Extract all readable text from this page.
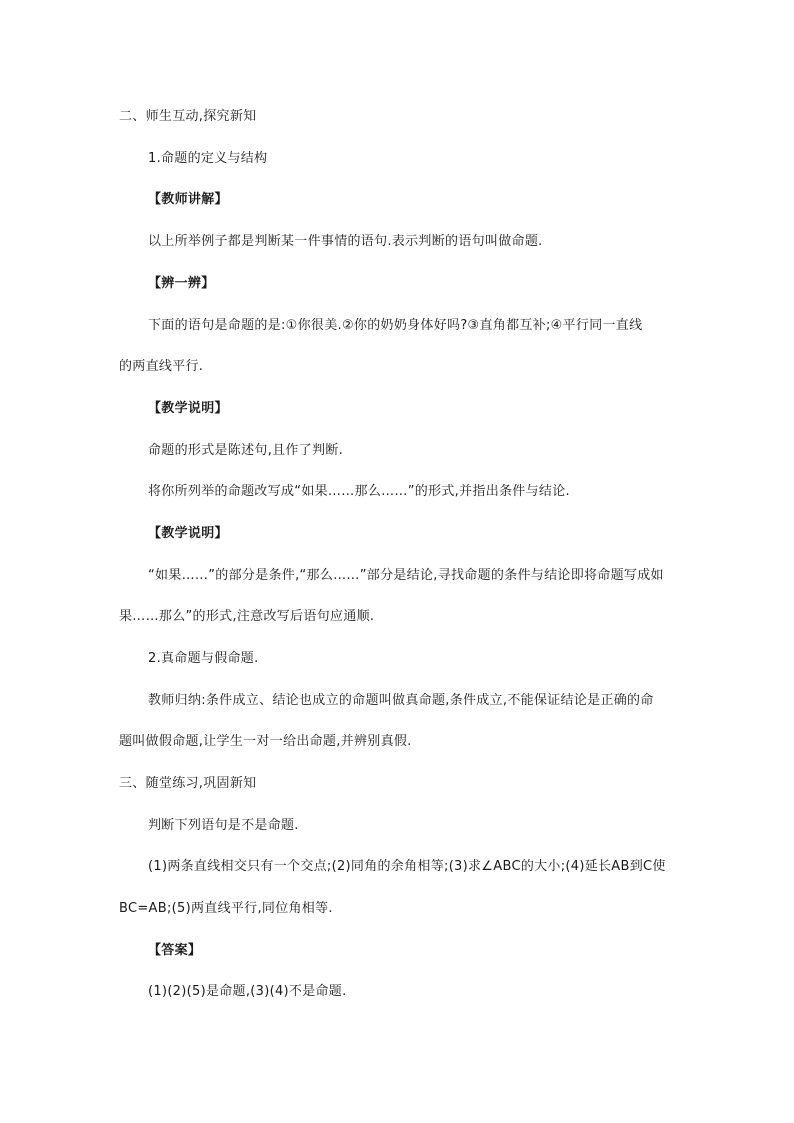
二、师生互动,探究新知
1.命题的定义与结构
【教师讲解】
以上所举例子都是判断某一件事情的语句.表示判断的语句叫做命题.
【辨一辨】
下面的语句是命题的是:①你很美.②你的奶奶身体好吗?③直角都互补;④平行同一直线
的两直线平行.
【教学说明】
命题的形式是陈述句,且作了判断.
将你所列举的命题改写成“如果……那么……”的形式,并指出条件与结论.
【教学说明】
“如果……”的部分是条件,“那么……”部分是结论,寻找命题的条件与结论即将命题写成如
果……那么”的形式,注意改写后语句应通顺.
2.真命题与假命题.
教师归纳:条件成立、结论也成立的命题叫做真命题,条件成立,不能保证结论是正确的命
题叫做假命题,让学生一对一给出命题,并辨别真假.
三、随堂练习,巩固新知
判断下列语句是不是命题.
(1)两条直线相交只有一个交点;(2)同角的余角相等;(3)求∠ABC的大小;(4)延长AB到C使
BC=AB;(5)两直线平行,同位角相等.
【答案】
(1)(2)(5)是命题,(3)(4)不是命题.
